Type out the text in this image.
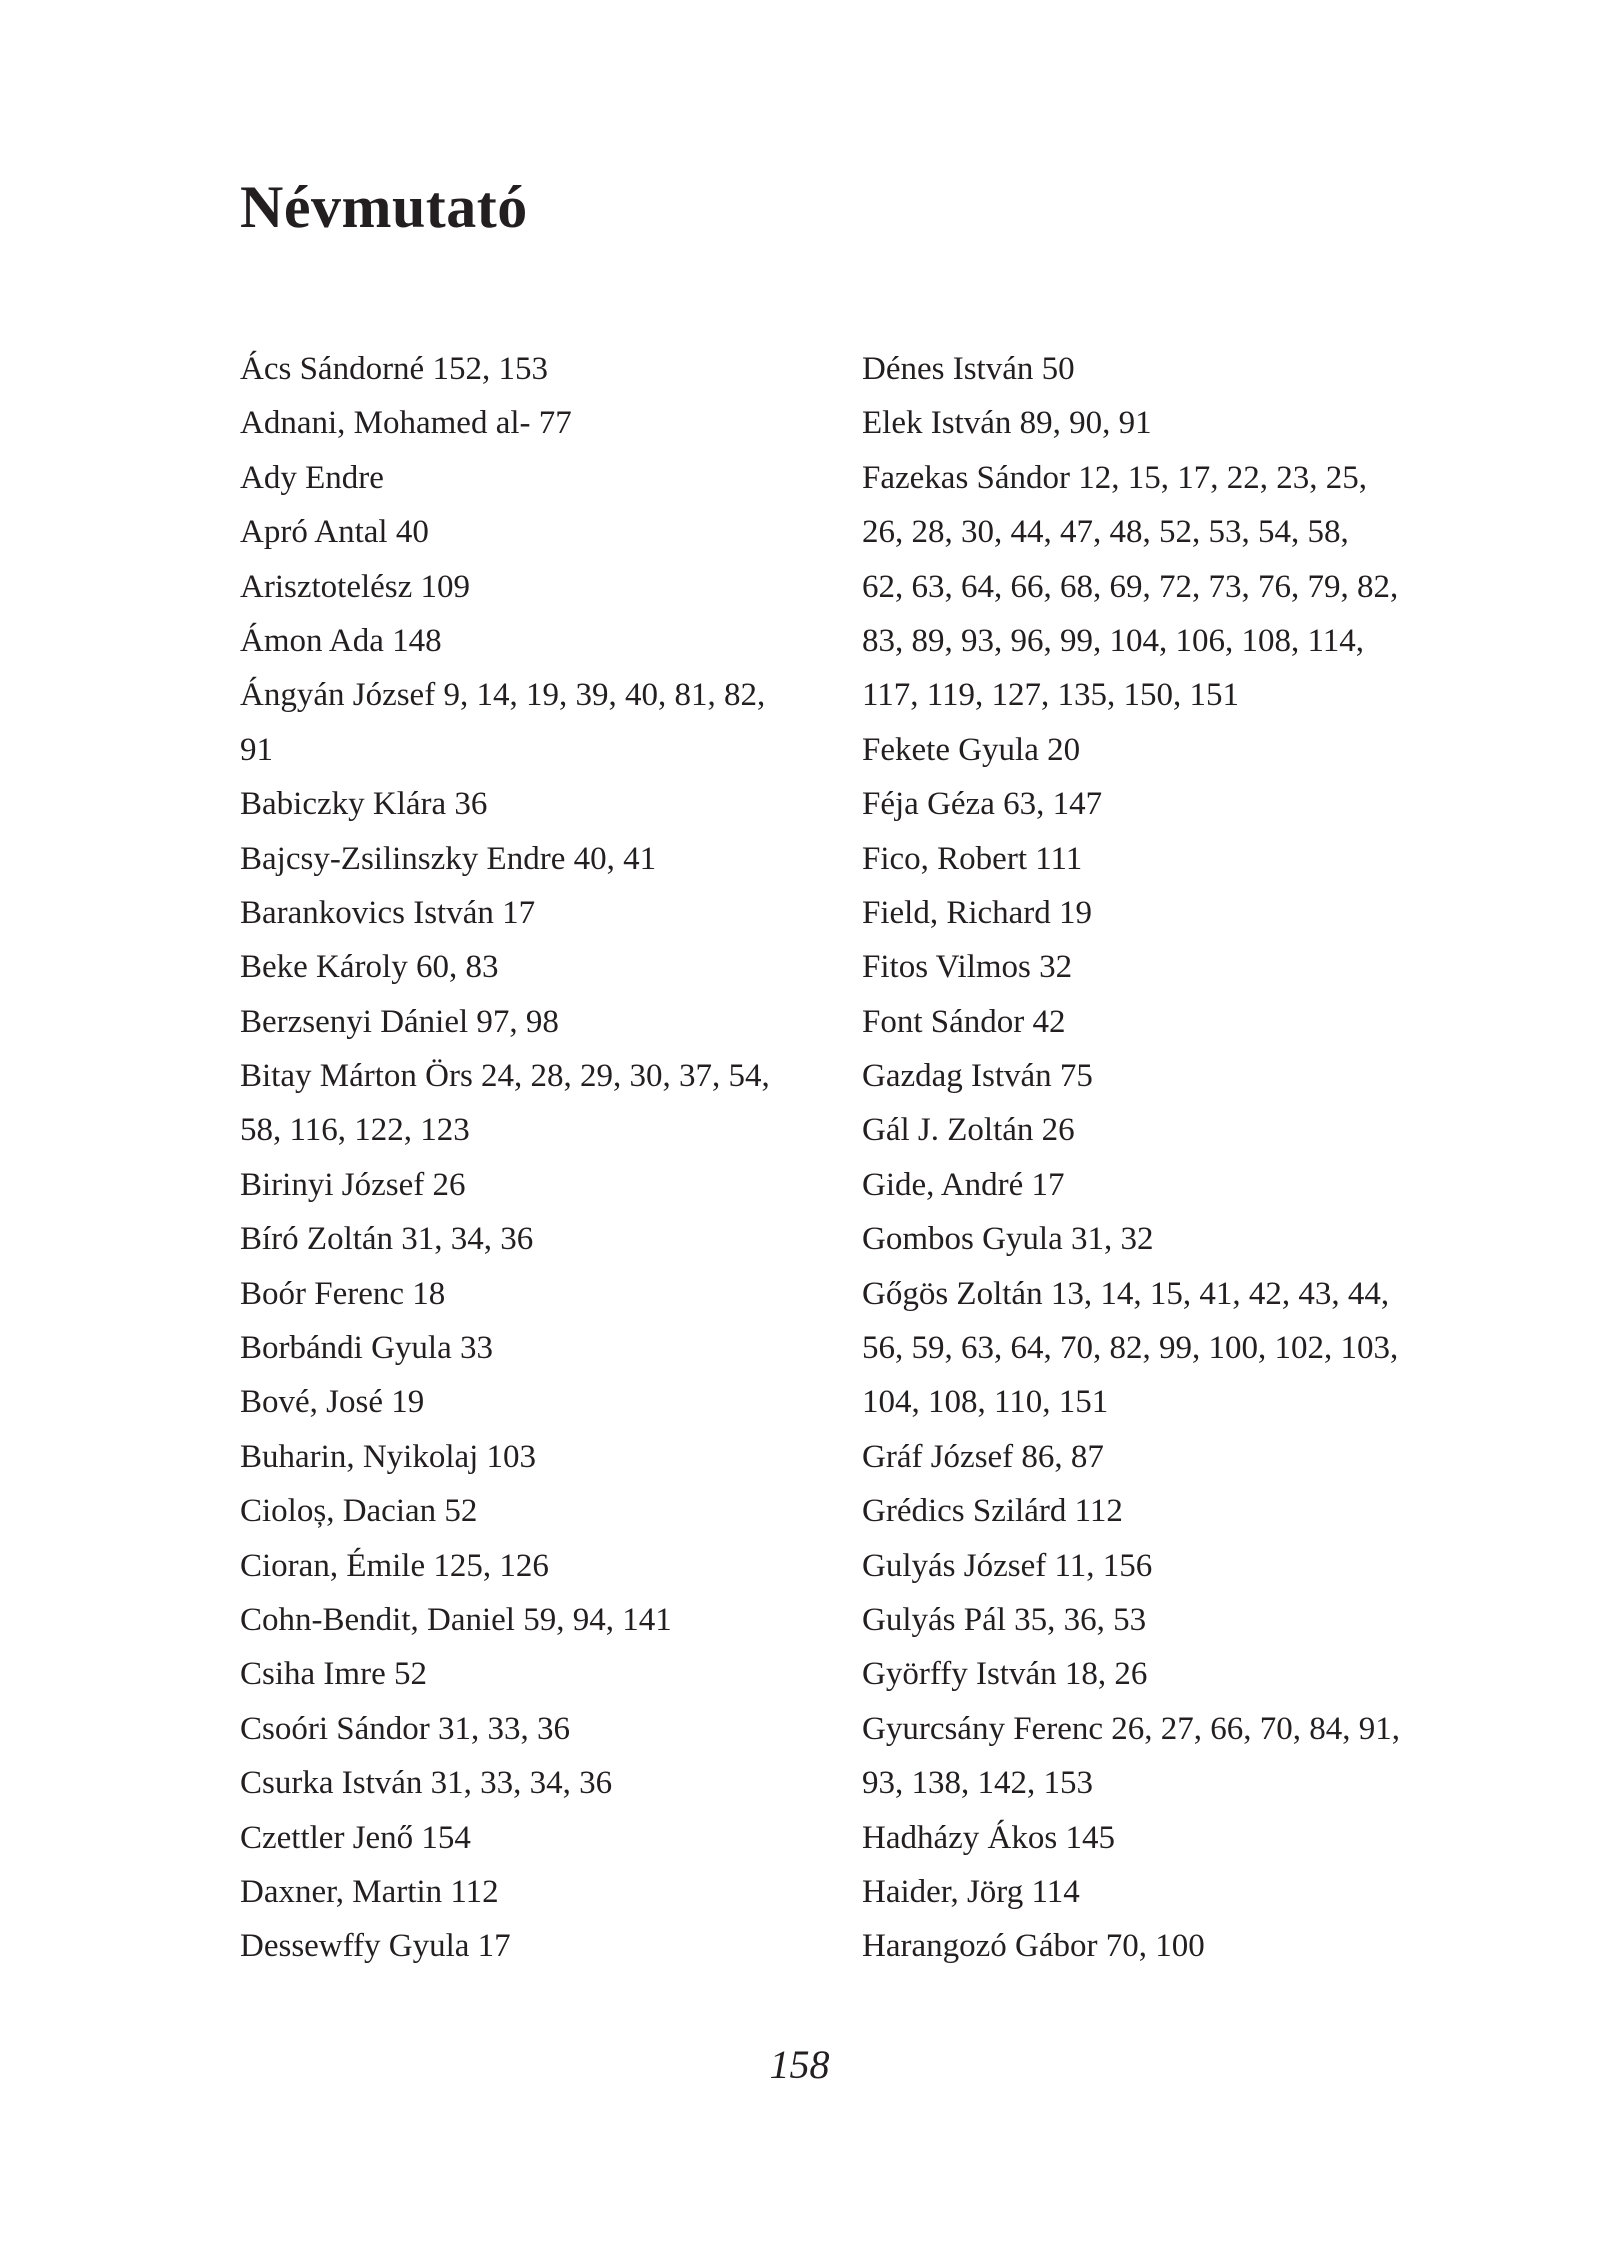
Névmutató
Ács Sándorné 152, 153
Adnani, Mohamed al- 77
Ady Endre
Apró Antal 40
Arisztotelész 109
Ámon Ada 148
Ángyán József 9, 14, 19, 39, 40, 81, 82,
91
Babiczky Klára 36
Bajcsy-Zsilinszky Endre 40, 41
Barankovics István 17
Beke Károly 60, 83
Berzsenyi Dániel 97, 98
Bitay Márton Örs 24, 28, 29, 30, 37, 54,
58, 116, 122, 123
Birinyi József 26
Bíró Zoltán 31, 34, 36
Boór Ferenc 18
Borbándi Gyula 33
Bové, José 19
Buharin, Nyikolaj 103
Cioloș, Dacian 52
Cioran, Émile 125, 126
Cohn-Bendit, Daniel 59, 94, 141
Csiha Imre 52
Csoóri Sándor 31, 33, 36
Csurka István 31, 33, 34, 36
Czettler Jenő 154
Daxner, Martin 112
Dessewffy Gyula 17
Dénes István 50
Elek István 89, 90, 91
Fazekas Sándor 12, 15, 17, 22, 23, 25,
26, 28, 30, 44, 47, 48, 52, 53, 54, 58,
62, 63, 64, 66, 68, 69, 72, 73, 76, 79, 82,
83, 89, 93, 96, 99, 104, 106, 108, 114,
117, 119, 127, 135, 150, 151
Fekete Gyula 20
Féja Géza 63, 147
Fico, Robert 111
Field, Richard 19
Fitos Vilmos 32
Font Sándor 42
Gazdag István 75
Gál J. Zoltán 26
Gide, André 17
Gombos Gyula 31, 32
Gőgös Zoltán 13, 14, 15, 41, 42, 43, 44,
56, 59, 63, 64, 70, 82, 99, 100, 102, 103,
104, 108, 110, 151
Gráf József 86, 87
Grédics Szilárd 112
Gulyás József 11, 156
Gulyás Pál 35, 36, 53
Györffy István 18, 26
Gyurcsány Ferenc 26, 27, 66, 70, 84, 91,
93, 138, 142, 153
Hadházy Ákos 145
Haider, Jörg 114
Harangozó Gábor 70, 100
158
